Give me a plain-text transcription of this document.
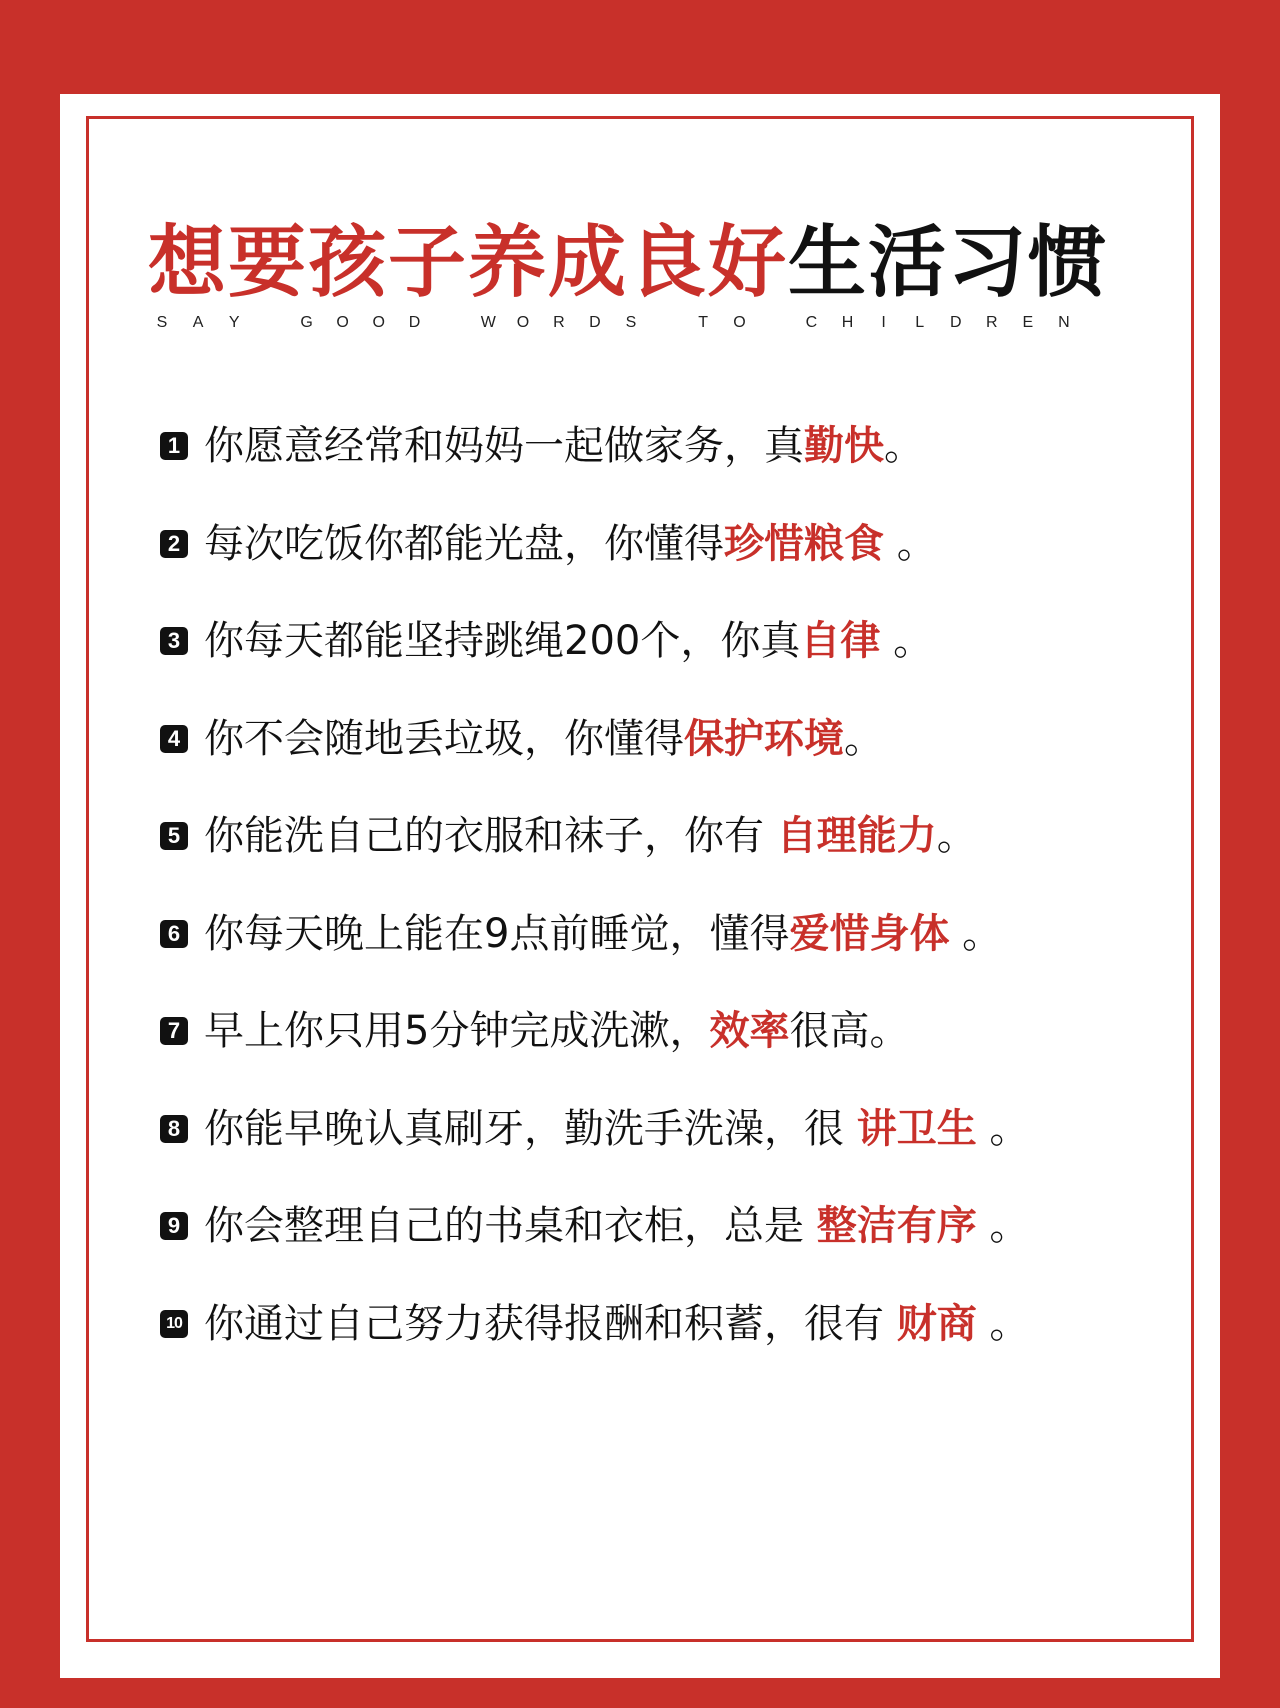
想要孩子养成良好生活习惯
S A Y	G O O D	W O R D S	T O	C H I L D R E N
1 你愿意经常和妈妈一起做家务，真 勤快 。
2 每次吃饭你都能光盘，你懂得 珍惜粮食 。
3 你每天都能坚持跳绳200个，你真 自律 。
4 你不会随地丢垃圾，你懂得 保护环境 。
5 你能洗自己的衣服和袜子，你有 自理能力 。
6 你每天晚上能在9点前睡觉，懂得 爱惜身体 。
7 早上你只用5分钟完成洗漱， 效率 很高。
8 你能早晚认真刷牙，勤洗手洗澡，很 讲卫生 。
9 你会整理自己的书桌和衣柜，总是 整洁有序 。
10 你通过自己努力获得报酬和积蓄，很有 财商 。
